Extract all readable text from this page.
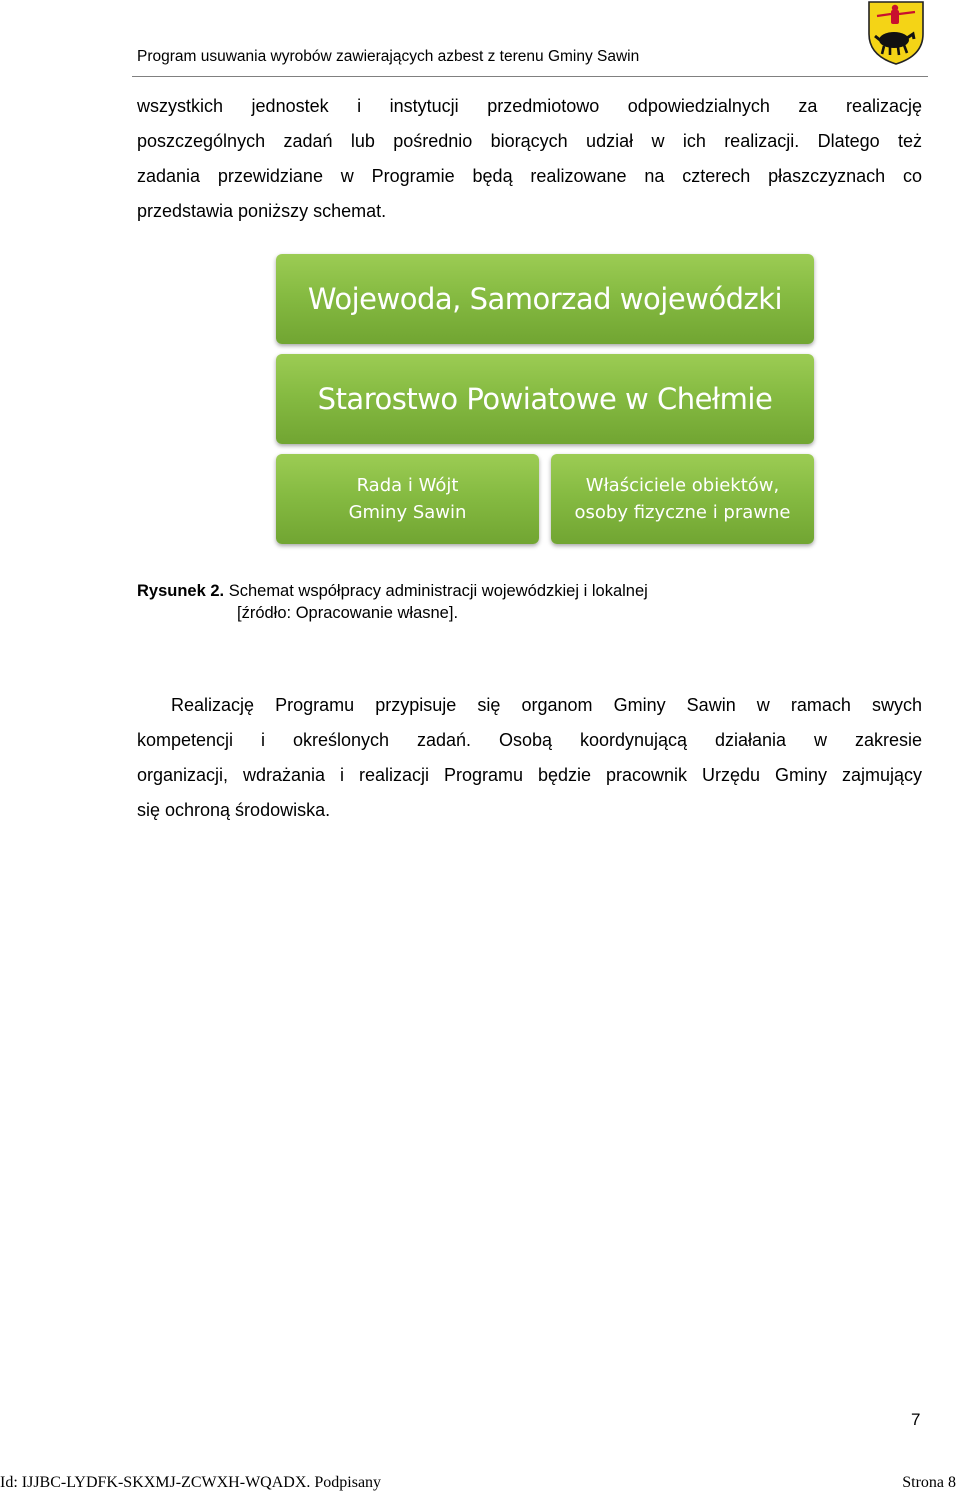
Program usuwania wyrobów zawierających azbest z terenu Gminy Sawin
wszystkich jednostek i instytucji przedmiotowo odpowiedzialnych za realizację
poszczególnych zadań lub pośrednio biorących udział w ich realizacji. Dlatego też
zadania przewidziane w Programie będą realizowane na czterech płaszczyznach co
przedstawia poniższy schemat.
Wojewoda, Samorzad wojewódzki
Starostwo Powiatowe w Chełmie
Rada i Wójt
Gminy Sawin
Właściciele obiektów,
osoby fizyczne i prawne
Rysunek 2. Schemat współpracy administracji wojewódzkiej i lokalnej
[źródło: Opracowanie własne].
Realizację Programu przypisuje się organom Gminy Sawin w ramach swych
kompetencji i określonych zadań. Osobą koordynującą działania w zakresie
organizacji, wdrażania i realizacji Programu będzie pracownik Urzędu Gminy zajmujący
się ochroną środowiska.
7
Id: IJJBC-LYDFK-SKXMJ-ZCWXH-WQADX. Podpisany	Strona 8
